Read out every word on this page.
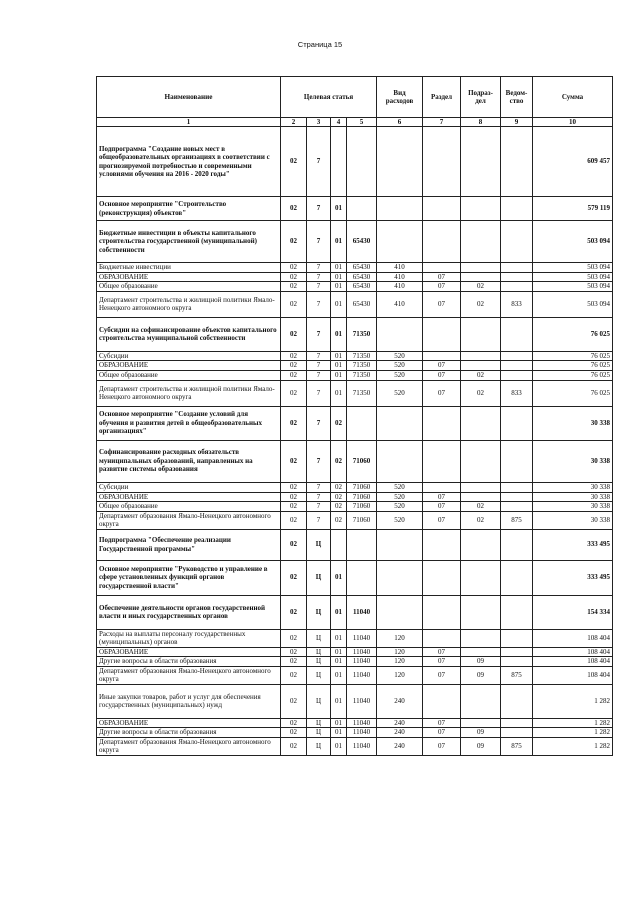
Страница 15
Наименование	Целевая статья				Вид расходов	Раздел	Подраз-дел	Ведом-ство	Сумма
1	2	3	4	5	6	7	8	9	10
Подпрограмма "Создание новых мест в общеобразовательных организациях в соответствии с прогнозируемой потребностью и современными условиями обучения на 2016 - 2020 годы"	02	7							609 457
Основное мероприятие "Строительство (реконструкция) объектов"	02	7	01						579 119
Бюджетные инвестиции в объекты капитального строительства государственной (муниципальной) собственности	02	7	01	65430					503 094
Бюджетные инвестиции	02	7	01	65430	410				503 094
ОБРАЗОВАНИЕ	02	7	01	65430	410	07			503 094
Общее образование	02	7	01	65430	410	07	02		503 094
Департамент строительства и жилищной политики Ямало-Ненецкого автономного округа	02	7	01	65430	410	07	02	833	503 094
Субсидии на софинансирование объектов капитального строительства муниципальной собственности	02	7	01	71350					76 025
Субсидии	02	7	01	71350	520				76 025
ОБРАЗОВАНИЕ	02	7	01	71350	520	07			76 025
Общее образование	02	7	01	71350	520	07	02		76 025
Департамент строительства и жилищной политики Ямало-Ненецкого автономного округа	02	7	01	71350	520	07	02	833	76 025
Основное мероприятие "Создание условий для обучения и развития детей в общеобразовательных организациях"	02	7	02						30 338
Софинансирование расходных обязательств муниципальных образований, направленных на развитие системы образования	02	7	02	71060					30 338
Субсидии	02	7	02	71060	520				30 338
ОБРАЗОВАНИЕ	02	7	02	71060	520	07			30 338
Общее образование	02	7	02	71060	520	07	02		30 338
Департамент образования Ямало-Ненецкого автономного округа	02	7	02	71060	520	07	02	875	30 338
Подпрограмма "Обеспечение реализации Государственной программы"	02	Ц							333 495
Основное мероприятие "Руководство и управление в сфере установленных функций органов государственной власти"	02	Ц	01						333 495
Обеспечение деятельности органов государственной власти и иных государственных органов	02	Ц	01	11040					154 334
Расходы на выплаты персоналу государственных (муниципальных) органов	02	Ц	01	11040	120				108 404
ОБРАЗОВАНИЕ	02	Ц	01	11040	120	07			108 404
Другие вопросы в области образования	02	Ц	01	11040	120	07	09		108 404
Департамент образования Ямало-Ненецкого автономного округа	02	Ц	01	11040	120	07	09	875	108 404
Иные закупки товаров, работ и услуг для обеспечения государственных (муниципальных) нужд	02	Ц	01	11040	240				1 282
ОБРАЗОВАНИЕ	02	Ц	01	11040	240	07			1 282
Другие вопросы в области образования	02	Ц	01	11040	240	07	09		1 282
Департамент образования Ямало-Ненецкого автономного округа	02	Ц	01	11040	240	07	09	875	1 282
